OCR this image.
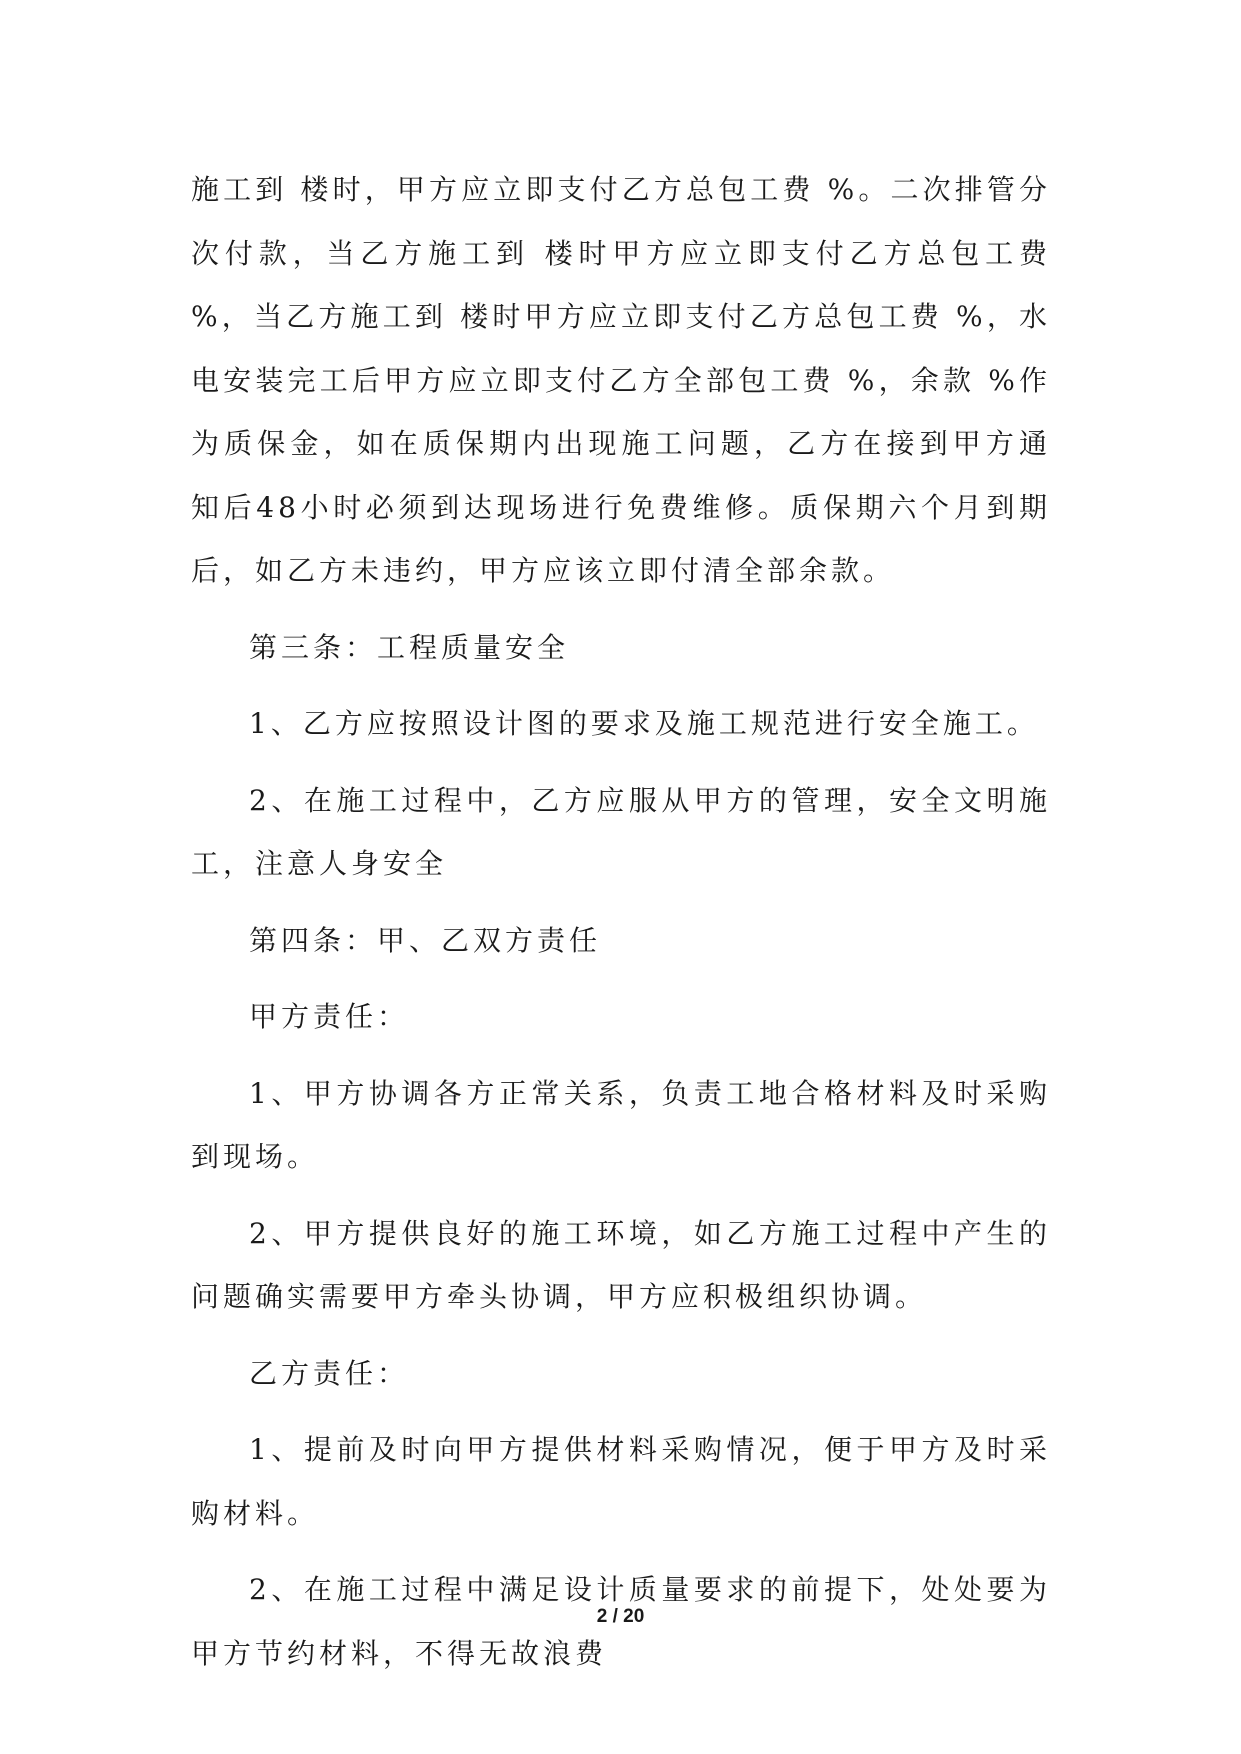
施工到 楼时，甲方应立即支付乙方总包工费 %。二次排管分 次付款，当乙方施工到 楼时甲方应立即支付乙方总包工费 %，当乙方施工到 楼时甲方应立即支付乙方总包工费 %，水电安装完工后甲方应立即支付乙方全部包工费 %，余款 %作为质保金，如在质保期内出现施工问题，乙方在接到甲方通知后48小时必须到达现场进行免费维修。质保期六个月到期后，如乙方未违约，甲方应该立即付清全部余款。

第三条：工程质量安全

1、乙方应按照设计图的要求及施工规范进行安全施工。

2、在施工过程中，乙方应服从甲方的管理，安全文明施工，注意人身安全

第四条：甲、乙双方责任

甲方责任：

1、甲方协调各方正常关系，负责工地合格材料及时采购到现场。

2、甲方提供良好的施工环境，如乙方施工过程中产生的问题确实需要甲方牵头协调，甲方应积极组织协调。

乙方责任：

1、提前及时向甲方提供材料采购情况，便于甲方及时采购材料。

2、在施工过程中满足设计质量要求的前提下，处处要为甲方节约材料，不得无故浪费

2 / 20
